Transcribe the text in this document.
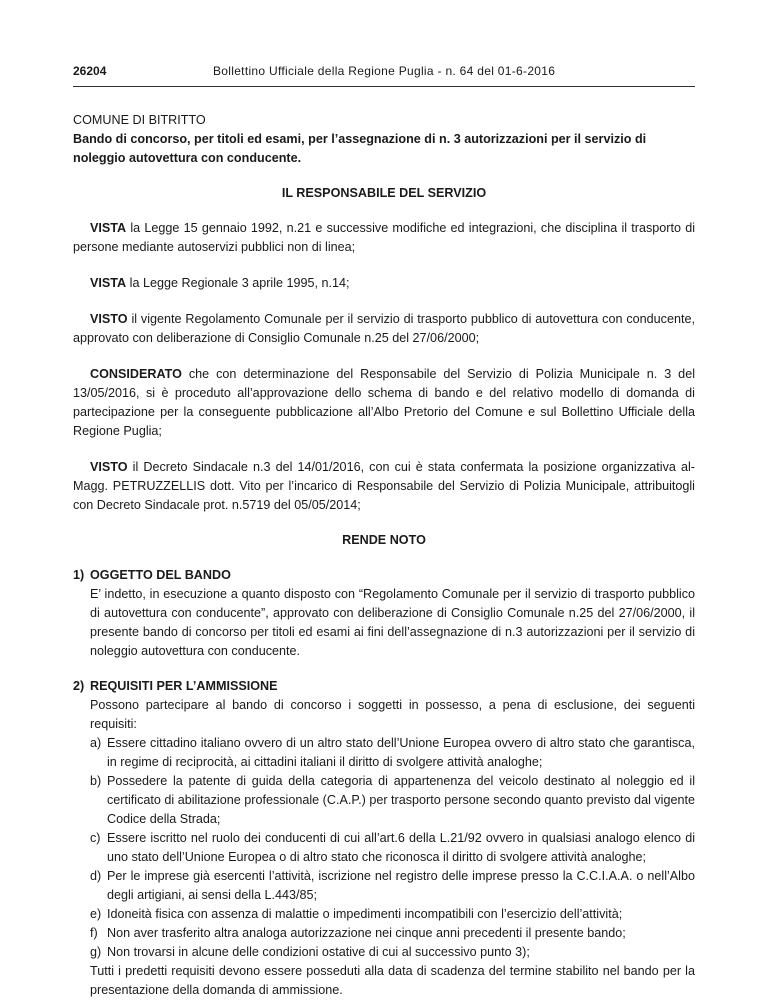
26204	Bollettino Ufficiale della Regione Puglia - n. 64 del 01-6-2016
COMUNE DI BITRITTO
Bando di concorso, per titoli ed esami, per l’assegnazione di n. 3 autorizzazioni per il servizio di noleggio autovettura con conducente.
IL RESPONSABILE DEL SERVIZIO

VISTA la Legge 15 gennaio 1992, n.21 e successive modifiche ed integrazioni, che disciplina il trasporto di persone mediante autoservizi pubblici non di linea;

VISTA la Legge Regionale 3 aprile 1995, n.14;

VISTO il vigente Regolamento Comunale per il servizio di trasporto pubblico di autovettura con conducente, approvato con deliberazione di Consiglio Comunale n.25 del 27/06/2000;

CONSIDERATO che con determinazione del Responsabile del Servizio di Polizia Municipale n. 3 del 13/05/2016, si è proceduto all’approvazione dello schema di bando e del relativo modello di domanda di partecipazione per la conseguente pubblicazione all’Albo Pretorio del Comune e sul Bollettino Ufficiale della Regione Puglia;

VISTO il Decreto Sindacale n.3 del 14/01/2016, con cui è stata confermata la posizione organizzativa al-Magg. PETRUZZELLIS dott. Vito per l’incarico di Responsabile del Servizio di Polizia Municipale, attribuitogli con Decreto Sindacale prot. n.5719 del 05/05/2014;

RENDE NOTO
1) OGGETTO DEL BANDO
E’ indetto, in esecuzione a quanto disposto con “Regolamento Comunale per il servizio di trasporto pubblico di autovettura con conducente”, approvato con deliberazione di Consiglio Comunale n.25 del 27/06/2000, il presente bando di concorso per titoli ed esami ai fini dell’assegnazione di n.3 autorizzazioni per il servizio di noleggio autovettura con conducente.
2) REQUISITI PER L’AMMISSIONE
Possono partecipare al bando di concorso i soggetti in possesso, a pena di esclusione, dei seguenti requisiti:
a) Essere cittadino italiano ovvero di un altro stato dell’Unione Europea ovvero di altro stato che garantisca, in regime di reciprocità, ai cittadini italiani il diritto di svolgere attività analoghe;
b) Possedere la patente di guida della categoria di appartenenza del veicolo destinato al noleggio ed il certificato di abilitazione professionale (C.A.P.) per trasporto persone secondo quanto previsto dal vigente Codice della Strada;
c) Essere iscritto nel ruolo dei conducenti di cui all’art.6 della L.21/92 ovvero in qualsiasi analogo elenco di uno stato dell’Unione Europea o di altro stato che riconosca il diritto di svolgere attività analoghe;
d) Per le imprese già esercenti l’attività, iscrizione nel registro delle imprese presso la C.C.I.A.A. o nell’Albo degli artigiani, ai sensi della L.443/85;
e) Idoneità fisica con assenza di malattie o impedimenti incompatibili con l’esercizio dell’attività;
f) Non aver trasferito altra analoga autorizzazione nei cinque anni precedenti il presente bando;
g) Non trovarsi in alcune delle condizioni ostative di cui al successivo punto 3);
Tutti i predetti requisiti devono essere posseduti alla data di scadenza del termine stabilito nel bando per la presentazione della domanda di ammissione.
